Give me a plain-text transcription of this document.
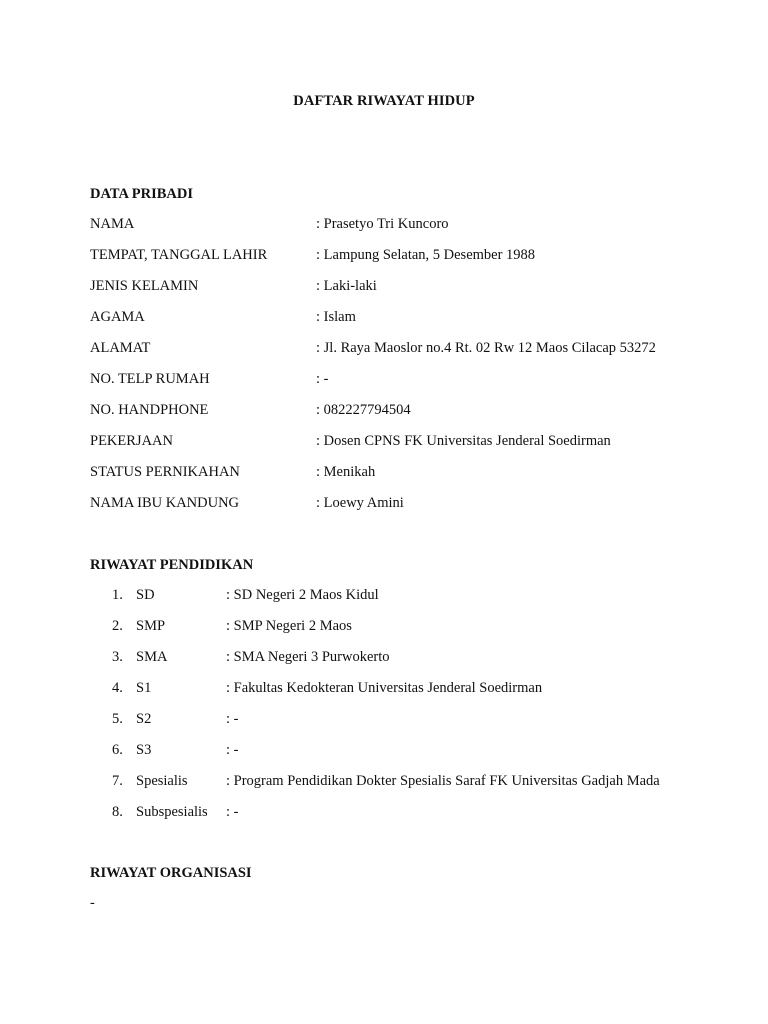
DAFTAR RIWAYAT HIDUP
DATA PRIBADI
NAMA	: Prasetyo Tri Kuncoro
TEMPAT, TANGGAL LAHIR	: Lampung Selatan, 5 Desember 1988
JENIS KELAMIN	: Laki-laki
AGAMA	: Islam
ALAMAT	: Jl. Raya Maoslor no.4 Rt. 02 Rw 12 Maos Cilacap 53272
NO. TELP RUMAH	: -
NO. HANDPHONE	: 082227794504
PEKERJAAN	: Dosen CPNS FK Universitas Jenderal Soedirman
STATUS PERNIKAHAN	: Menikah
NAMA IBU KANDUNG	: Loewy Amini
RIWAYAT PENDIDIKAN
1. SD	: SD Negeri 2 Maos Kidul
2. SMP	: SMP Negeri 2 Maos
3. SMA	: SMA Negeri 3 Purwokerto
4. S1	: Fakultas Kedokteran Universitas Jenderal Soedirman
5. S2	: -
6. S3	: -
7. Spesialis	: Program Pendidikan Dokter Spesialis Saraf FK Universitas Gadjah Mada
8. Subspesialis : -
RIWAYAT ORGANISASI
-
